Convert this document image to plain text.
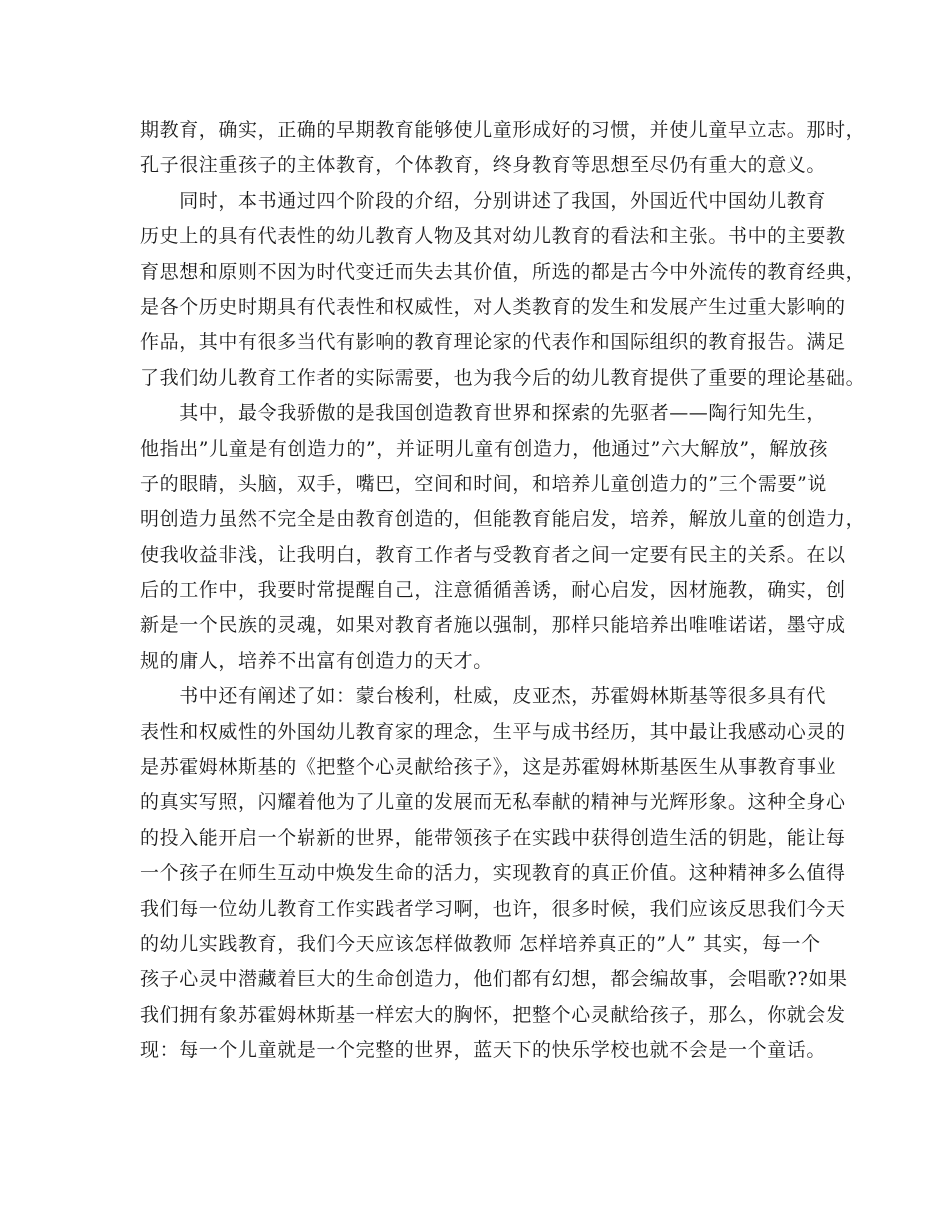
期教育，确实，正确的早期教育能够使儿童形成好的习惯，并使儿童早立志。那时，
孔子很注重孩子的主体教育，个体教育，终身教育等思想至尽仍有重大的意义。
　　同时，本书通过四个阶段的介绍，分别讲述了我国，外国近代中国幼儿教育
历史上的具有代表性的幼儿教育人物及其对幼儿教育的看法和主张。书中的主要教
育思想和原则不因为时代变迁而失去其价值，所选的都是古今中外流传的教育经典，
是各个历史时期具有代表性和权威性，对人类教育的发生和发展产生过重大影响的
作品，其中有很多当代有影响的教育理论家的代表作和国际组织的教育报告。满足
了我们幼儿教育工作者的实际需要，也为我今后的幼儿教育提供了重要的理论基础。
　　其中，最令我骄傲的是我国创造教育世界和探索的先驱者——陶行知先生，
他指出”儿童是有创造力的”，并证明儿童有创造力，他通过”六大解放”，解放孩
子的眼睛，头脑，双手，嘴巴，空间和时间，和培养儿童创造力的”三个需要”说
明创造力虽然不完全是由教育创造的，但能教育能启发，培养，解放儿童的创造力，
使我收益非浅，让我明白，教育工作者与受教育者之间一定要有民主的关系。在以
后的工作中，我要时常提醒自己，注意循循善诱，耐心启发，因材施教，确实，创
新是一个民族的灵魂，如果对教育者施以强制，那样只能培养出唯唯诺诺，墨守成
规的庸人，培养不出富有创造力的天才。
　　书中还有阐述了如：蒙台梭利，杜威，皮亚杰，苏霍姆林斯基等很多具有代
表性和权威性的外国幼儿教育家的理念，生平与成书经历，其中最让我感动心灵的
是苏霍姆林斯基的《把整个心灵献给孩子》，这是苏霍姆林斯基医生从事教育事业
的真实写照，闪耀着他为了儿童的发展而无私奉献的精神与光辉形象。这种全身心
的投入能开启一个崭新的世界，能带领孩子在实践中获得创造生活的钥匙，能让每
一个孩子在师生互动中焕发生命的活力，实现教育的真正价值。这种精神多么值得
我们每一位幼儿教育工作实践者学习啊，也许，很多时候，我们应该反思我们今天
的幼儿实践教育，我们今天应该怎样做教师 怎样培养真正的”人” 其实，每一个
孩子心灵中潜藏着巨大的生命创造力，他们都有幻想，都会编故事，会唱歌??如果
我们拥有象苏霍姆林斯基一样宏大的胸怀，把整个心灵献给孩子，那么，你就会发
现：每一个儿童就是一个完整的世界，蓝天下的快乐学校也就不会是一个童话。
